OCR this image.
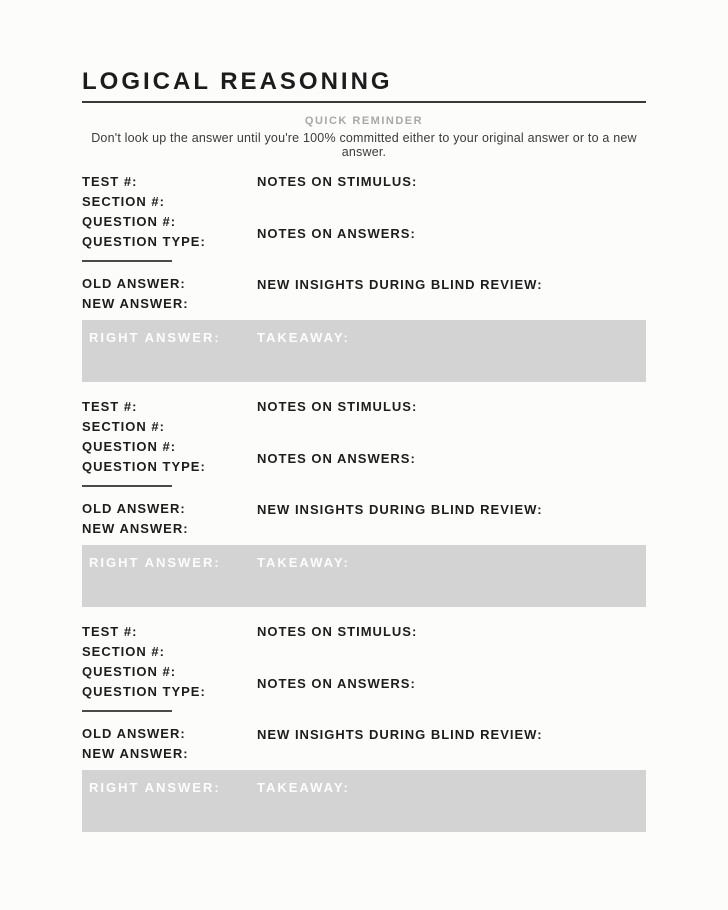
LOGICAL REASONING
QUICK REMINDER
Don't look up the answer until you're 100% committed either to your original answer or to a new answer.
TEST #:
SECTION #:
QUESTION #:
QUESTION TYPE:
OLD ANSWER:
NEW ANSWER:
NOTES ON STIMULUS:
NOTES ON ANSWERS:
NEW INSIGHTS DURING BLIND REVIEW:
RIGHT ANSWER:	TAKEAWAY:
TEST #:
SECTION #:
QUESTION #:
QUESTION TYPE:
OLD ANSWER:
NEW ANSWER:
NOTES ON STIMULUS:
NOTES ON ANSWERS:
NEW INSIGHTS DURING BLIND REVIEW:
RIGHT ANSWER:	TAKEAWAY:
TEST #:
SECTION #:
QUESTION #:
QUESTION TYPE:
OLD ANSWER:
NEW ANSWER:
NOTES ON STIMULUS:
NOTES ON ANSWERS:
NEW INSIGHTS DURING BLIND REVIEW:
RIGHT ANSWER:	TAKEAWAY:
